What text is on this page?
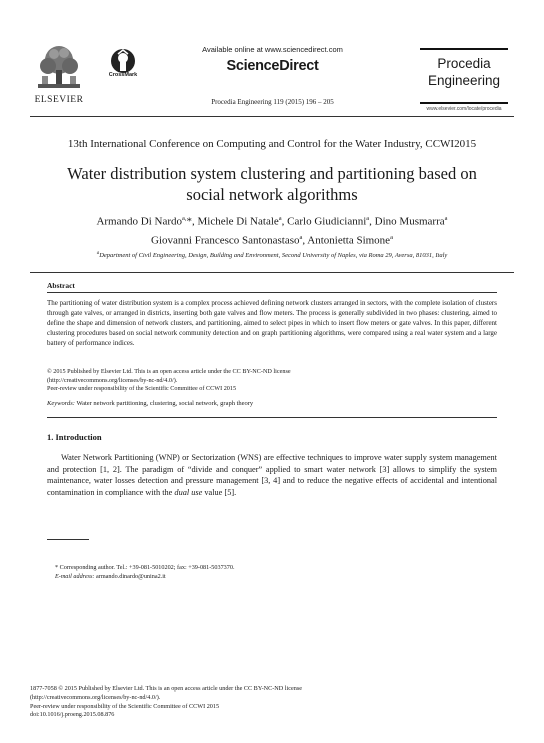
ELSEVIER
CrossMark
Available online at www.sciencedirect.com
ScienceDirect
Procedia Engineering 119 (2015) 196 – 205
Procedia
Engineering
www.elsevier.com/locate/procedia
13th International Conference on Computing and Control for the Water Industry, CCWI2015
Water distribution system clustering and partitioning based on
social network algorithms
Armando Di Nardo$^{a,}$*, Michele Di Natale$^a$, Carlo Giudicianni$^a$, Dino Musmarra$^a$
Giovanni Francesco Santonastaso$^a$, Antonietta Simone$^a$
$^a$Department of Civil Engineering, Design, Building and Environment, Second University of Naples, via Roma 29, Aversa, 81031, Italy
Abstract
The partitioning of water distribution system is a complex process achieved defining network clusters arranged in sectors, with the complete isolation of clusters through gate valves, or arranged in districts, inserting both gate valves and flow meters. The process is generally subdivided in two phases: clustering, aimed to define the shape and dimension of network clusters, and partitioning, aimed to select pipes in which to insert flow meters or gate valves. In this paper, different clustering procedures based on social network community detection and on graph partitioning algorithms, were compared using a real water system and a large battery of performance indices.
© 2015 Published by Elsevier Ltd. This is an open access article under the CC BY-NC-ND license
(http://creativecommons.org/licenses/by-nc-nd/4.0/).
Peer-review under responsibility of the Scientific Committee of CCWI 2015
Keywords: Water network partitioning, clustering, social network, graph theory
1. Introduction
Water Network Partitioning (WNP) or Sectorization (WNS) are effective techniques to improve water supply system management and protection [1, 2]. The paradigm of “divide and conquer” applied to smart water network [3] allows to simplify the system maintenance, water losses detection and pressure management [3, 4] and to reduce the negative effects of accidental and intentional contamination in compliance with the dual use value [5].
* Corresponding author. Tel.: +39-081-5010202; fax: +39-081-5037370.
E-mail address: armando.dinardo@unina2.it
1877-7058 © 2015 Published by Elsevier Ltd. This is an open access article under the CC BY-NC-ND license
(http://creativecommons.org/licenses/by-nc-nd/4.0/).
Peer-review under responsibility of the Scientific Committee of CCWI 2015
doi:10.1016/j.proeng.2015.08.876
